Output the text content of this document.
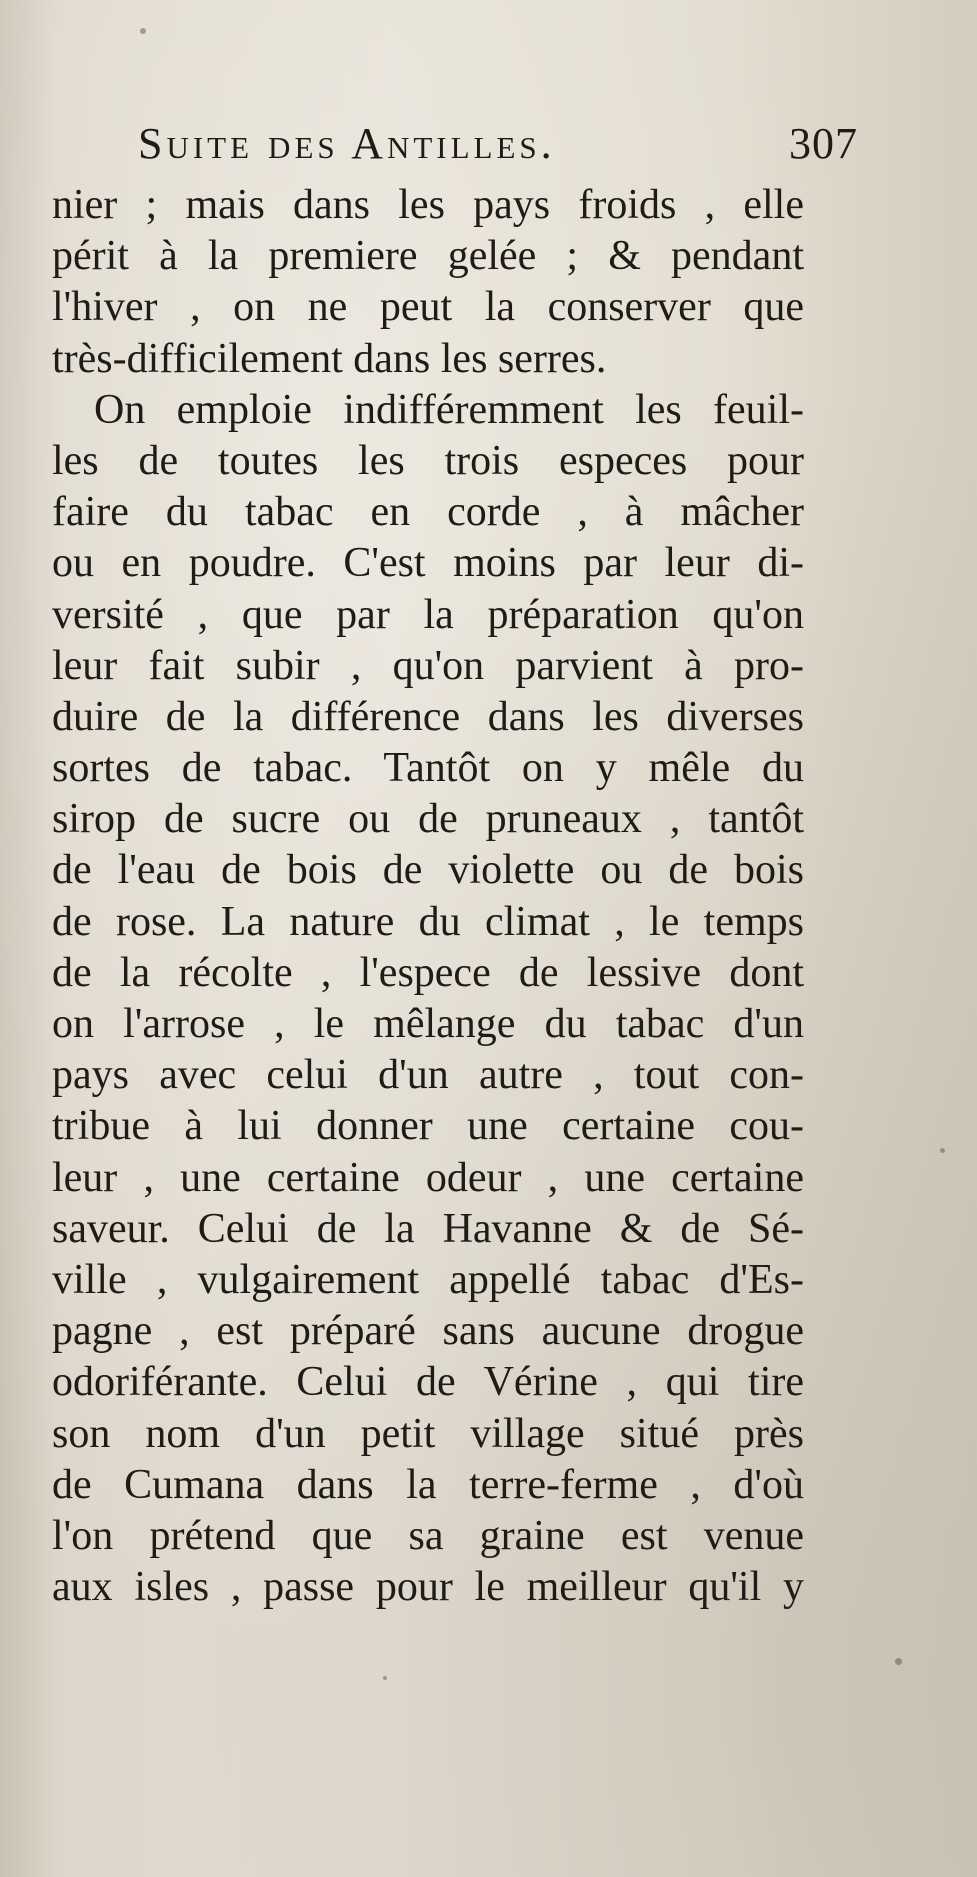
Suite des Antilles.	307
nier ; mais dans les pays froids , elle
périt à la premiere gelée ; & pendant
l'hiver , on ne peut la conserver que
très-difficilement dans les serres.
On emploie indifféremment les feuil-
les de toutes les trois especes pour
faire du tabac en corde , à mâcher
ou en poudre. C'est moins par leur di-
versité , que par la préparation qu'on
leur fait subir , qu'on parvient à pro-
duire de la différence dans les diverses
sortes de tabac. Tantôt on y mêle du
sirop de sucre ou de pruneaux , tantôt
de l'eau de bois de violette ou de bois
de rose. La nature du climat , le temps
de la récolte , l'espece de lessive dont
on l'arrose , le mêlange du tabac d'un
pays avec celui d'un autre , tout con-
tribue à lui donner une certaine cou-
leur , une certaine odeur , une certaine
saveur. Celui de la Havanne & de Sé-
ville , vulgairement appellé tabac d'Es-
pagne , est préparé sans aucune drogue
odoriférante. Celui de Vérine , qui tire
son nom d'un petit village situé près
de Cumana dans la terre-ferme , d'où
l'on prétend que sa graine est venue
aux isles , passe pour le meilleur qu'il y
